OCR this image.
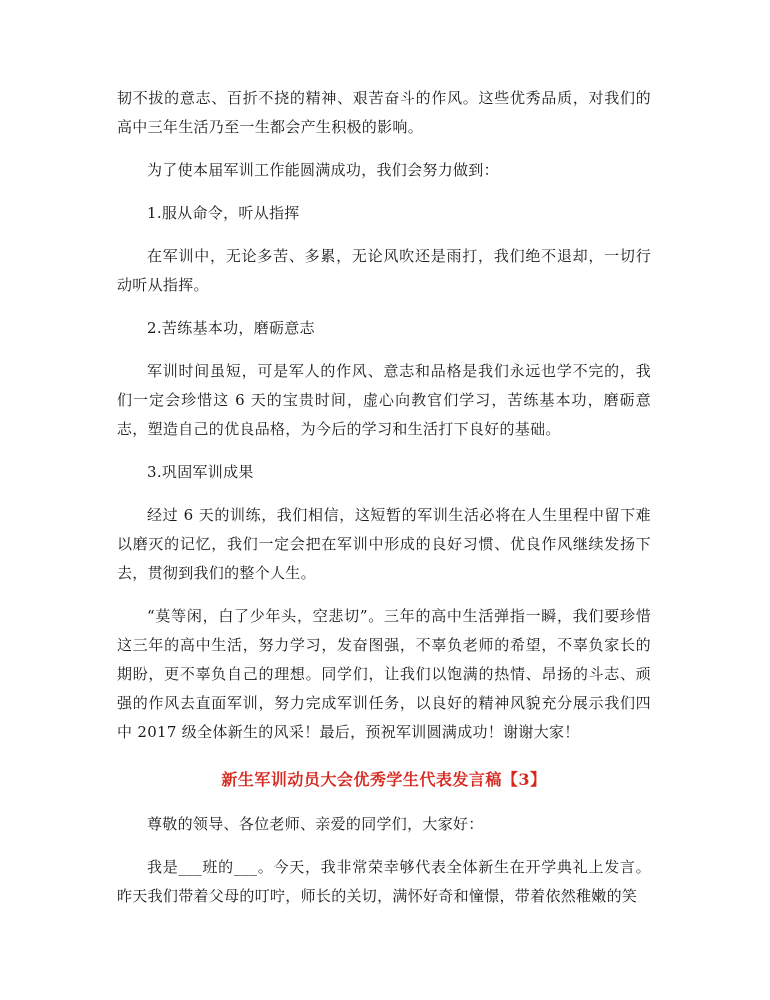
韧不拔的意志、百折不挠的精神、艰苦奋斗的作风。这些优秀品质，对我们的高中三年生活乃至一生都会产生积极的影响。

为了使本届军训工作能圆满成功，我们会努力做到：

1.服从命令，听从指挥

在军训中，无论多苦、多累，无论风吹还是雨打，我们绝不退却，一切行动听从指挥。

2.苦练基本功，磨砺意志

军训时间虽短，可是军人的作风、意志和品格是我们永远也学不完的，我们一定会珍惜这 6 天的宝贵时间，虚心向教官们学习，苦练基本功，磨砺意志，塑造自己的优良品格，为今后的学习和生活打下良好的基础。

3.巩固军训成果

经过 6 天的训练，我们相信，这短暂的军训生活必将在人生里程中留下难以磨灭的记忆，我们一定会把在军训中形成的良好习惯、优良作风继续发扬下去，贯彻到我们的整个人生。

“莫等闲，白了少年头，空悲切”。三年的高中生活弹指一瞬，我们要珍惜这三年的高中生活，努力学习，发奋图强，不辜负老师的希望，不辜负家长的期盼，更不辜负自己的理想。同学们，让我们以饱满的热情、昂扬的斗志、顽强的作风去直面军训，努力完成军训任务，以良好的精神风貌充分展示我们四中 2017 级全体新生的风采！最后，预祝军训圆满成功！谢谢大家！

新生军训动员大会优秀学生代表发言稿【3】

尊敬的领导、各位老师、亲爱的同学们，大家好：

我是___班的___。今天，我非常荣幸够代表全体新生在开学典礼上发言。昨天我们带着父母的叮咛，师长的关切，满怀好奇和憧憬，带着依然稚嫩的笑
